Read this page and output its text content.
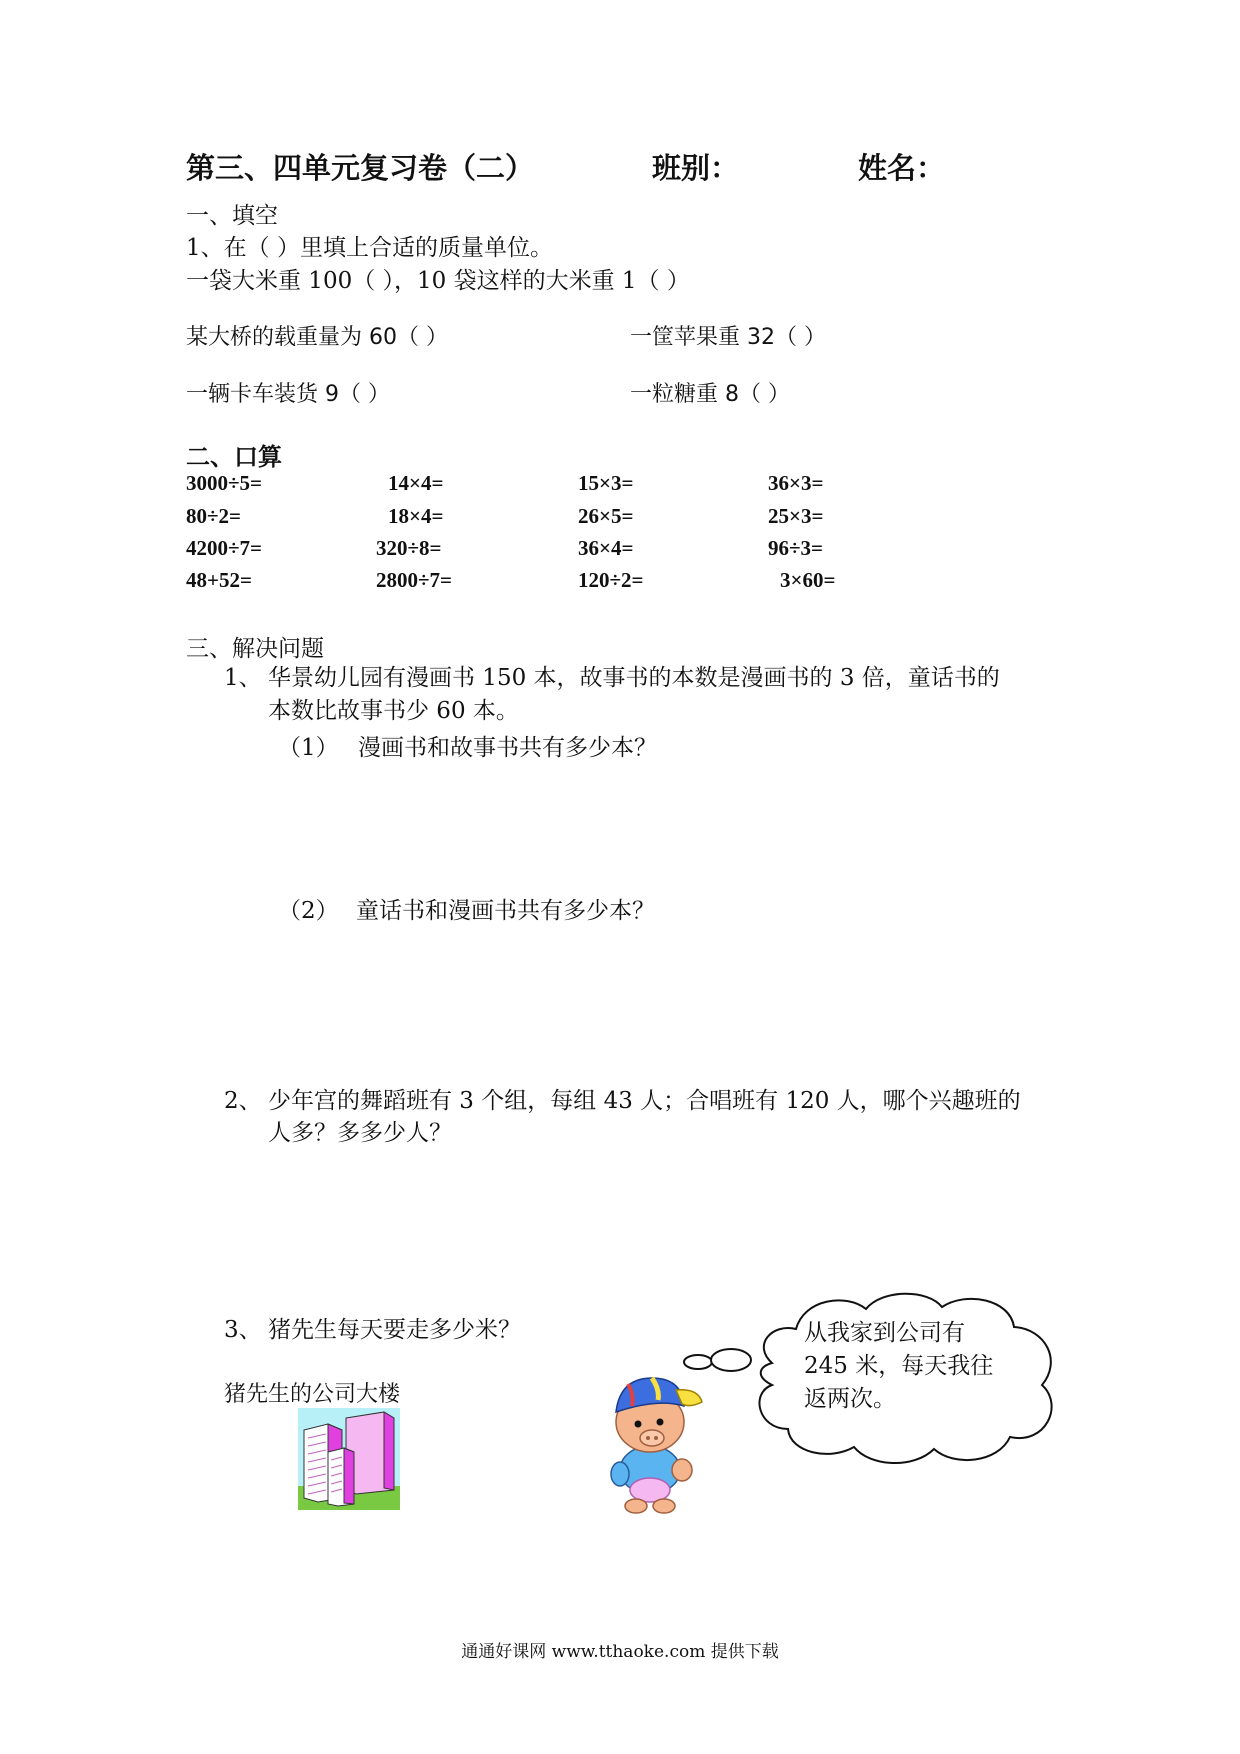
第三、四单元复习卷（二）	班别：	姓名：
一、填空
1、在（ ）里填上合适的质量单位。
一袋大米重 100（ ），10 袋这样的大米重 1（ ）
某大桥的载重量为 60（ ）	一筐苹果重 32（ ）
一辆卡车装货 9（ ）	一粒糖重 8（ ）
二、口算
3000÷5=	14×4=	15×3=	36×3=
80÷2=	18×4=	26×5=	25×3=
4200÷7=	320÷8=	36×4=	96÷3=
48+52=	2800÷7=	120÷2=	3×60=
三、解决问题
1、 华景幼儿园有漫画书 150 本，故事书的本数是漫画书的 3 倍，童话书的
本数比故事书少 60 本。
（1） 漫画书和故事书共有多少本？
（2） 童话书和漫画书共有多少本？
2、 少年宫的舞蹈班有 3 个组，每组 43 人；合唱班有 120 人，哪个兴趣班的
人多？多多少人？
3、 猪先生每天要走多少米？
猪先生的公司大楼
从我家到公司有 245 米，每天我往返两次。
通通好课网 www.tthaoke.com 提供下载
